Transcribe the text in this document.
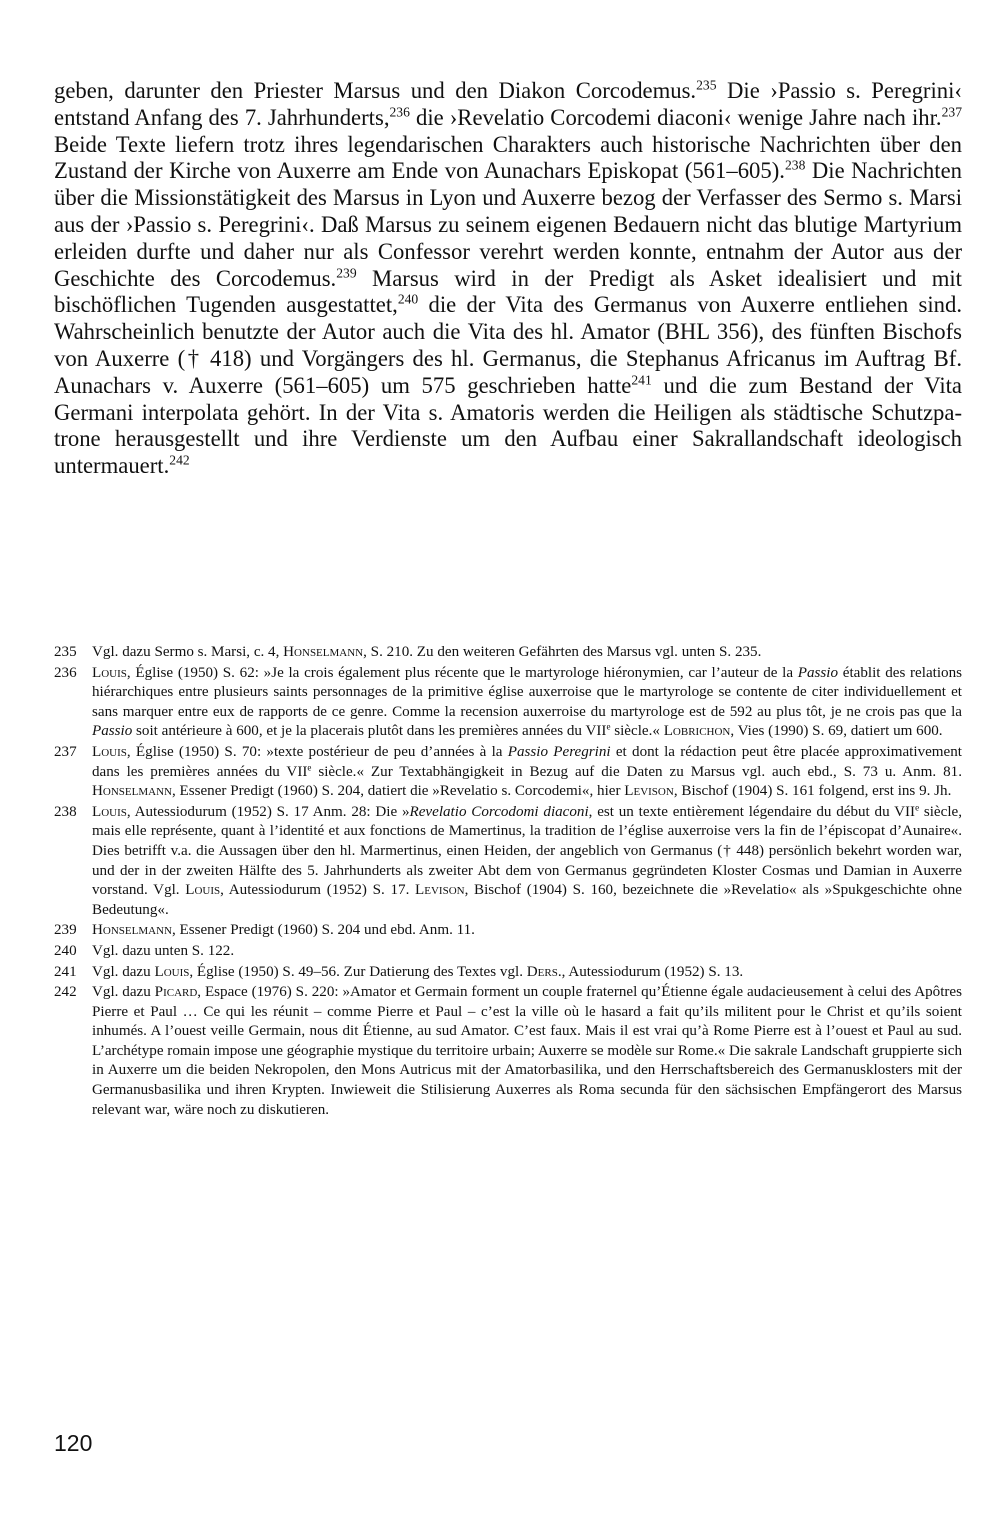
geben, darunter den Priester Marsus und den Diakon Corcodemus.$^{235}$ Die ›Passio s. Peregrini‹ entstand Anfang des 7. Jahrhunderts,$^{236}$ die ›Revelatio Corcodemi diaconi‹ wenige Jahre nach ihr.$^{237}$ Beide Texte liefern trotz ihres legendarischen Charakters auch historische Nachrichten über den Zustand der Kirche von Auxerre am Ende von Aunachars Episkopat (561–605).$^{238}$ Die Nachrichten über die Missionstätigkeit des Marsus in Lyon und Auxerre bezog der Verfasser des Sermo s. Marsi aus der ›Passio s. Peregrini‹. Daß Marsus zu seinem eigenen Bedauern nicht das blutige Martyrium erleiden durfte und daher nur als Confessor verehrt werden konnte, entnahm der Autor aus der Geschichte des Corcodemus.$^{239}$ Marsus wird in der Predigt als Asket idealisiert und mit bischöflichen Tugenden ausgestattet,$^{240}$ die der Vita des Germanus von Auxerre entliehen sind. Wahrscheinlich benutzte der Autor auch die Vita des hl. Amator (BHL 356), des fünften Bischofs von Auxerre († 418) und Vorgängers des hl. Germanus, die Stephanus Africanus im Auftrag Bf. Aunachars v. Auxerre (561–605) um 575 geschrieben hatte$^{241}$ und die zum Bestand der Vita Germani interpolata gehört. In der Vita s. Amatoris werden die Heiligen als städtische Schutzpatrone herausgestellt und ihre Verdienste um den Aufbau einer Sakrallandschaft ideologisch untermauert.$^{242}$

235 Vgl. dazu Sermo s. Marsi, c. 4, Honselmann, S. 210. Zu den weiteren Gefährten des Marsus vgl. unten S. 235.

236 Louis, Église (1950) S. 62: »Je la crois également plus récente que le martyrologe hiéronymien, car l’auteur de la Passio établit des relations hiérarchiques entre plusieurs saints personnages de la primitive église auxerroise que le martyrologe se contente de citer individuellement et sans marquer entre eux de rapports de ce genre. Comme la recension auxerroise du martyrologe est de 592 au plus tôt, je ne crois pas que la Passio soit antérieure à 600, et je la placerais plutôt dans les premières années du VIIe siècle.« Lobrichon, Vies (1990) S. 69, datiert um 600.

237 Louis, Église (1950) S. 70: »texte postérieur de peu d’années à la Passio Peregrini et dont la rédaction peut être placée approximativement dans les premières années du VIIe siècle.« Zur Textabhängigkeit in Bezug auf die Daten zu Marsus vgl. auch ebd., S. 73 u. Anm. 81. Honselmann, Essener Predigt (1960) S. 204, datiert die »Revelatio s. Corcodemi«, hier Levison, Bischof (1904) S. 161 folgend, erst ins 9. Jh.

238 Louis, Autessiodurum (1952) S. 17 Anm. 28: Die »Revelatio Corcodomi diaconi, est un texte entièrement légendaire du début du VIIe siècle, mais elle représente, quant à l’identité et aux fonctions de Mamertinus, la tradition de l’église auxerroise vers la fin de l’épiscopat d’Aunaire«. Dies betrifft v.a. die Aussagen über den hl. Marmertinus, einen Heiden, der angeblich von Germanus († 448) persönlich bekehrt worden war, und der in der zweiten Hälfte des 5. Jahrhunderts als zweiter Abt dem von Germanus gegründeten Kloster Cosmas und Damian in Auxerre vorstand. Vgl. Louis, Autessiodurum (1952) S. 17. Levison, Bischof (1904) S. 160, bezeichnete die »Revelatio« als »Spukgeschichte ohne Bedeutung«.

239 Honselmann, Essener Predigt (1960) S. 204 und ebd. Anm. 11.

240 Vgl. dazu unten S. 122.

241 Vgl. dazu Louis, Église (1950) S. 49–56. Zur Datierung des Textes vgl. Ders., Autessiodurum (1952) S. 13.

242 Vgl. dazu Picard, Espace (1976) S. 220: »Amator et Germain forment un couple fraternel qu’Étienne égale audacieusement à celui des Apôtres Pierre et Paul … Ce qui les réunit – comme Pierre et Paul – c’est la ville où le hasard a fait qu’ils militent pour le Christ et qu’ils soient inhumés. A l’ouest veille Germain, nous dit Étienne, au sud Amator. C’est faux. Mais il est vrai qu’à Rome Pierre est à l’ouest et Paul au sud. L’archétype romain impose une géographie mystique du territoire urbain; Auxerre se modèle sur Rome.« Die sakrale Landschaft gruppierte sich in Auxerre um die beiden Nekropolen, den Mons Autricus mit der Amatorbasilika, und den Herrschaftsbereich des Germanusklosters mit der Germanusbasilika und ihren Krypten. Inwieweit die Stilisierung Auxerres als Roma secunda für den sächsischen Empfängerort des Marsus relevant war, wäre noch zu diskutieren.

120
